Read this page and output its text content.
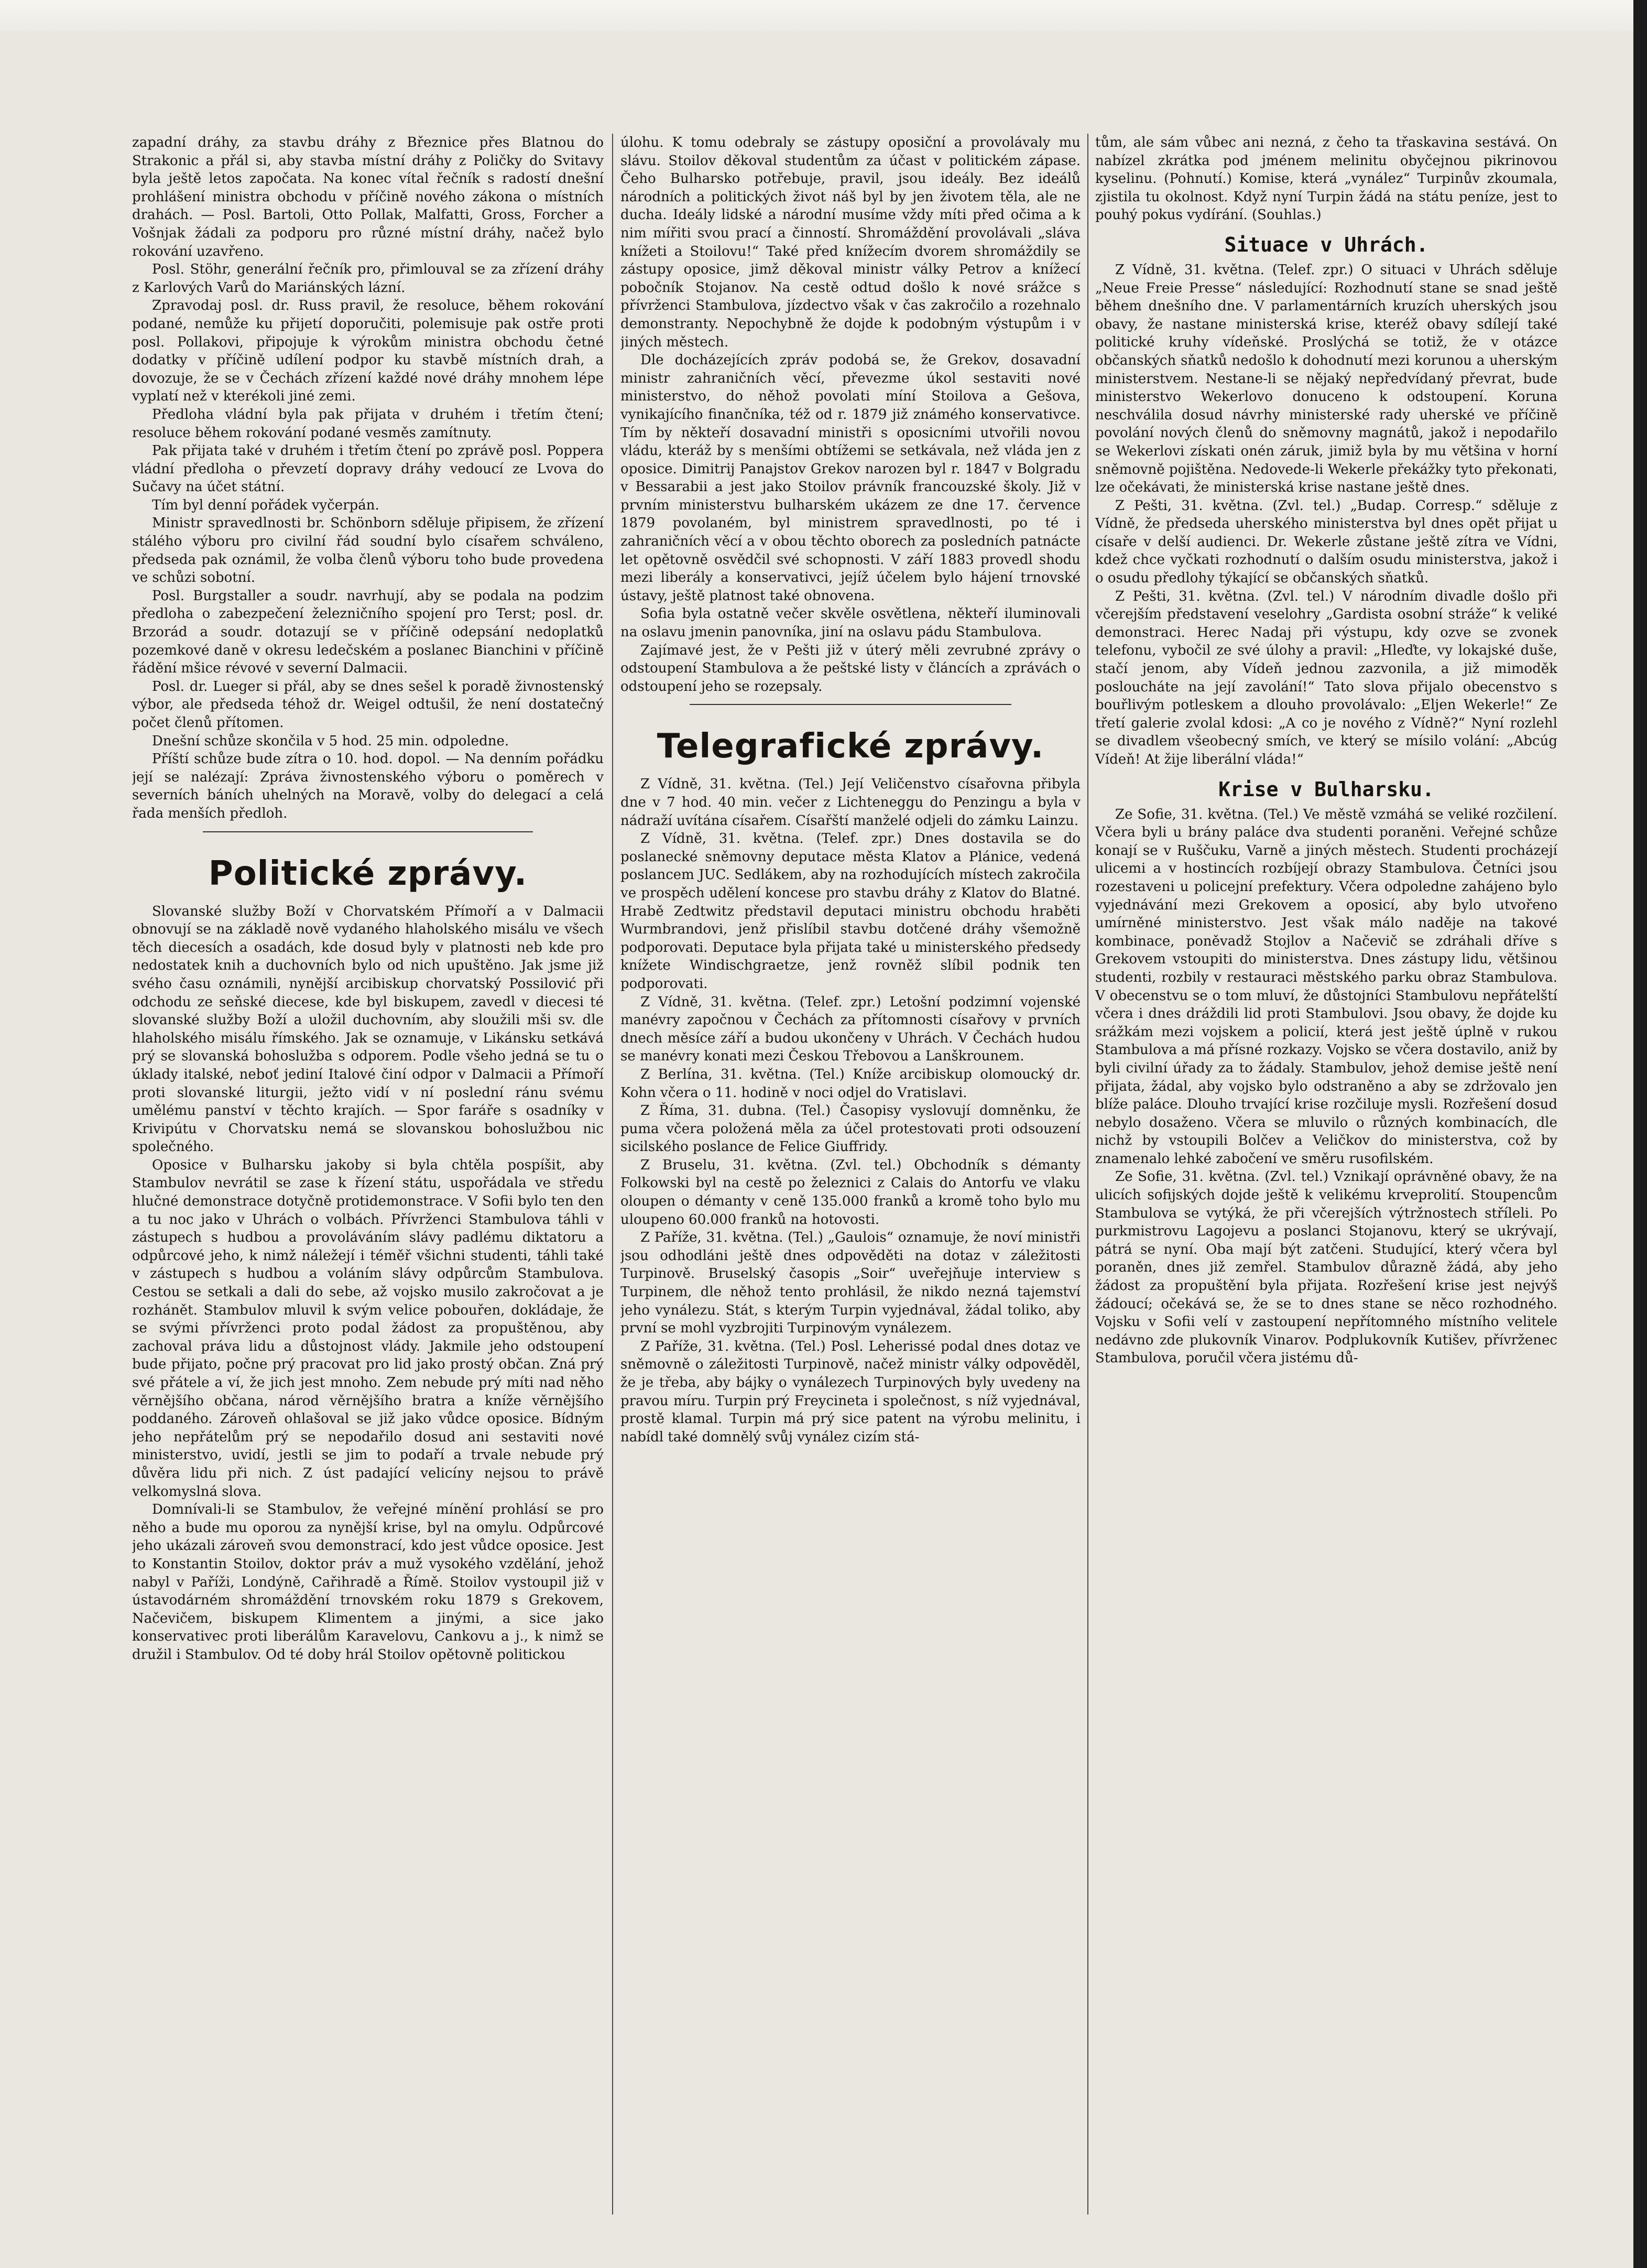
zapadní dráhy, za stavbu dráhy z Březnice přes Blatnou do Strakonic a přál si, aby stavba místní dráhy z Poličky do Svitavy byla ještě letos započata. Na konec vítal řečník s radostí dnešní prohlášení ministra obchodu v příčině nového zákona o místních drahách. — Posl. Bartoli, Otto Pollak, Malfatti, Gross, Forcher a Vošnjak žádali za podporu pro různé místní dráhy, načež bylo rokování uzavřeno.

Posl. Stöhr, generální řečník pro, přimlouval se za zřízení dráhy z Karlových Varů do Mariánských lázní.

Zpravodaj posl. dr. Russ pravil, že resoluce, během rokování podané, nemůže ku přijetí doporučiti, polemisuje pak ostře proti posl. Pollakovi, připojuje k výrokům ministra obchodu četné dodatky v příčině udílení podpor ku stavbě místních drah, a dovozuje, že se v Čechách zřízení každé nové dráhy mnohem lépe vyplatí než v kterékoli jiné zemi.

Předloha vládní byla pak přijata v druhém i třetím čtení; resoluce během rokování podané vesměs zamítnuty.

Pak přijata také v druhém i třetím čtení po zprávě posl. Poppera vládní předloha o převzetí dopravy dráhy vedoucí ze Lvova do Sučavy na účet státní.

Tím byl denní pořádek vyčerpán.

Ministr spravedlnosti br. Schönborn sděluje připisem, že zřízení stálého výboru pro civilní řád soudní bylo císařem schváleno, předseda pak oznámil, že volba členů výboru toho bude provedena ve schůzi sobotní.

Posl. Burgstaller a soudr. navrhují, aby se podala na podzim předloha o zabezpečení železničního spojení pro Terst; posl. dr. Brzorád a soudr. dotazují se v příčině odepsání nedoplatků pozemkové daně v okresu ledečském a poslanec Bianchini v příčině řádění mšice révové v severní Dalmacii.

Posl. dr. Lueger si přál, aby se dnes sešel k poradě živnostenský výbor, ale předseda téhož dr. Weigel odtušil, že není dostatečný počet členů přítomen.

Dnešní schůze skončila v 5 hod. 25 min. odpoledne.

Příští schůze bude zítra o 10. hod. dopol. — Na denním pořádku její se nalézají: Zpráva živnostenského výboru o poměrech v severních báních uhelných na Moravě, volby do delegací a celá řada menších předloh.

Politické zprávy.

Slovanské služby Boží v Chorvatském Přímoří a v Dalmacii obnovují se na základě nově vydaného hlaholského misálu ve všech těch diecesích a osadách, kde dosud byly v platnosti neb kde pro nedostatek knih a duchovních bylo od nich upuštěno. Jak jsme již svého času oznámili, nynější arcibiskup chorvatský Possilović při odchodu ze seňské diecese, kde byl biskupem, zavedl v diecesi té slovanské služby Boží a uložil duchovním, aby sloužili mši sv. dle hlaholského misálu římského. Jak se oznamuje, v Likánsku setkává prý se slovanská bohoslužba s odporem. Podle všeho jedná se tu o úklady italské, neboť jediní Italové činí odpor v Dalmacii a Přímoří proti slovanské liturgii, ježto vidí v ní poslední ránu svému umělému panství v těchto krajích. — Spor faráře s osadníky v Krivipútu v Chorvatsku nemá se slovanskou bohoslužbou nic společného.

Oposice v Bulharsku jakoby si byla chtěla pospíšit, aby Stambulov nevrátil se zase k řízení státu, uspořádala ve středu hlučné demonstrace dotyčně protidemonstrace. V Sofii bylo ten den a tu noc jako v Uhrách o volbách. Přívrženci Stambulova táhli v zástupech s hudbou a provoláváním slávy padlému diktatoru a odpůrcové jeho, k nimž náležejí i téměř všichni studenti, táhli také v zástupech s hudbou a voláním slávy odpůrcům Stambulova. Cestou se setkali a dali do sebe, až vojsko musilo zakročovat a je rozhánět. Stambulov mluvil k svým velice pobouřen, dokládaje, že se svými přívrženci proto podal žádost za propuštěnou, aby zachoval práva lidu a důstojnost vlády. Jakmile jeho odstoupení bude přijato, počne prý pracovat pro lid jako prostý občan. Zná prý své přátele a ví, že jich jest mnoho. Zem nebude prý míti nad něho věrnějšího občana, národ věrnějšího bratra a kníže věrnějšího poddaného. Zároveň ohlašoval se již jako vůdce oposice. Bídným jeho nepřátelům prý se nepodařilo dosud ani sestaviti nové ministerstvo, uvidí, jestli se jim to podaří a trvale nebude prý důvěra lidu při nich. Z úst padající velicíny nejsou to právě velkomyslná slova.

Domnívali-li se Stambulov, že veřejné mínění prohlásí se pro něho a bude mu oporou za nynější krise, byl na omylu. Odpůrcové jeho ukázali zároveň svou demonstrací, kdo jest vůdce oposice. Jest to Konstantin Stoilov, doktor práv a muž vysokého vzdělání, jehož nabyl v Paříži, Londýně, Cařihradě a Římě. Stoilov vystoupil již v ústavodárném shromáždění trnovském roku 1879 s Grekovem, Načevičem, biskupem Klimentem a jinými, a sice jako konservativec proti liberálům Karavelovu, Cankovu a j., k nimž se družil i Stambulov. Od té doby hrál Stoilov opětovně politickou

úlohu. K tomu odebraly se zástupy oposiční a provolávaly mu slávu. Stoilov děkoval studentům za účast v politickém zápase. Čeho Bulharsko potřebuje, pravil, jsou ideály. Bez ideálů národních a politických život náš byl by jen životem těla, ale ne ducha. Ideály lidské a národní musíme vždy míti před očima a k nim mířiti svou prací a činností. Shromáždění provolávali „sláva knížeti a Stoilovu!“ Také před knížecím dvorem shromáždily se zástupy oposice, jimž děkoval ministr války Petrov a knížecí pobočník Stojanov. Na cestě odtud došlo k nové srážce s přívrženci Stambulova, jízdectvo však v čas zakročilo a rozehnalo demonstranty. Nepochybně že dojde k podobným výstupům i v jiných městech.

Dle docházejících zpráv podobá se, že Grekov, dosavadní ministr zahraničních věcí, převezme úkol sestaviti nové ministerstvo, do něhož povolati míní Stoilova a Gešova, vynikajícího finančníka, též od r. 1879 již známého konservativce. Tím by někteří dosavadní ministři s oposicními utvořili novou vládu, kteráž by s menšími obtížemi se setkávala, než vláda jen z oposice. Dimitrij Panajstov Grekov narozen byl r. 1847 v Bolgradu v Bessarabii a jest jako Stoilov právník francouzské školy. Již v prvním ministerstvu bulharském ukázem ze dne 17. července 1879 povolaném, byl ministrem spravedlnosti, po té i zahraničních věcí a v obou těchto oborech za posledních patnácte let opětovně osvědčil své schopnosti. V září 1883 provedl shodu mezi liberály a konservativci, jejíž účelem bylo hájení trnovské ústavy, ještě platnost také obnovena.

Sofia byla ostatně večer skvěle osvětlena, někteří iluminovali na oslavu jmenin panovníka, jiní na oslavu pádu Stambulova.

Zajímavé jest, že v Pešti již v úterý měli zevrubné zprávy o odstoupení Stambulova a že peštské listy v článcích a zprávách o odstoupení jeho se rozepsaly.

Telegrafické zprávy.

Z Vídně, 31. května. (Tel.) Její Veličenstvo císařovna přibyla dne v 7 hod. 40 min. večer z Lichteneggu do Penzingu a byla v nádraží uvítána císařem. Císařští manželé odjeli do zámku Lainzu.

Z Vídně, 31. května. (Telef. zpr.) Dnes dostavila se do poslanecké sněmovny deputace města Klatov a Plánice, vedená poslancem JUC. Sedlákem, aby na rozhodujících místech zakročila ve prospěch udělení koncese pro stavbu dráhy z Klatov do Blatné. Hrabě Zedtwitz představil deputaci ministru obchodu hraběti Wurmbrandovi, jenž přislíbil stavbu dotčené dráhy všemožně podporovati. Deputace byla přijata také u ministerského předsedy knížete Windischgraetze, jenž rovněž slíbil podnik ten podporovati.

Z Vídně, 31. května. (Telef. zpr.) Letošní podzimní vojenské manévry započnou v Čechách za přítomnosti císařovy v prvních dnech měsíce září a budou ukončeny v Uhrách. V Čechách hudou se manévry konati mezi Českou Třebovou a Lanškrounem.

Z Berlína, 31. května. (Tel.) Kníže arcibiskup olomoucký dr. Kohn včera o 11. hodině v noci odjel do Vratislavi.

Z Říma, 31. dubna. (Tel.) Časopisy vyslovují domněnku, že puma včera položená měla za účel protestovati proti odsouzení sicilského poslance de Felice Giuffridy.

Z Bruselu, 31. května. (Zvl. tel.) Obchodník s démanty Folkowski byl na cestě po železnici z Calais do Antorfu ve vlaku oloupen o démanty v ceně 135.000 franků a kromě toho bylo mu uloupeno 60.000 franků na hotovosti.

Z Paříže, 31. května. (Tel.) „Gaulois“ oznamuje, že noví ministři jsou odhodláni ještě dnes odpověděti na dotaz v záležitosti Turpinově. Bruselský časopis „Soir“ uveřejňuje interview s Turpinem, dle něhož tento prohlásil, že nikdo nezná tajemství jeho vynálezu. Stát, s kterým Turpin vyjednával, žádal toliko, aby první se mohl vyzbrojiti Turpinovým vynálezem.

Z Paříže, 31. května. (Tel.) Posl. Leherissé podal dnes dotaz ve sněmovně o záležitosti Turpinově, načež ministr války odpověděl, že je třeba, aby bájky o vynálezech Turpinových byly uvedeny na pravou míru. Turpin prý Freycineta i společnost, s níž vyjednával, prostě klamal. Turpin má prý sice patent na výrobu melinitu, i nabídl také domnělý svůj vynález cizím stá-

tům, ale sám vůbec ani nezná, z čeho ta třaskavina sestává. On nabízel zkrátka pod jménem melinitu obyčejnou pikrinovou kyselinu. (Pohnutí.) Komise, která „vynález“ Turpinův zkoumala, zjistila tu okolnost. Když nyní Turpin žádá na státu peníze, jest to pouhý pokus vydírání. (Souhlas.)

Situace v Uhrách.

Z Vídně, 31. května. (Telef. zpr.) O situaci v Uhrách sděluje „Neue Freie Presse“ následující: Rozhodnutí stane se snad ještě během dnešního dne. V parlamentárních kruzích uherských jsou obavy, že nastane ministerská krise, kteréž obavy sdílejí také politické kruhy vídeňské. Proslýchá se totiž, že v otázce občanských sňatků nedošlo k dohodnutí mezi korunou a uherským ministerstvem. Nestane-li se nějaký nepředvídaný převrat, bude ministerstvo Wekerlovo donuceno k odstoupení. Koruna neschválila dosud návrhy ministerské rady uherské ve příčině povolání nových členů do sněmovny magnátů, jakož i nepodařilo se Wekerlovi získati onén záruk, jimiž byla by mu většina v horní sněmovně pojištěna. Nedovede-li Wekerle překážky tyto překonati, lze očekávati, že ministerská krise nastane ještě dnes.

Z Pešti, 31. května. (Zvl. tel.) „Budap. Corresp.“ sděluje z Vídně, že předseda uherského ministerstva byl dnes opět přijat u císaře v delší audienci. Dr. Wekerle zůstane ještě zítra ve Vídni, kdež chce vyčkati rozhodnutí o dalším osudu ministerstva, jakož i o osudu předlohy týkající se občanských sňatků.

Z Pešti, 31. května. (Zvl. tel.) V národním divadle došlo při včerejším představení veselohry „Gardista osobní stráže“ k veliké demonstraci. Herec Nadaj při výstupu, kdy ozve se zvonek telefonu, vybočil ze své úlohy a pravil: „Hleďte, vy lokajské duše, stačí jenom, aby Vídeň jednou zazvonila, a již mimoděk posloucháte na její zavolání!“ Tato slova přijalo obecenstvo s bouřlivým potleskem a dlouho provolávalo: „Eljen Wekerle!“ Ze třetí galerie zvolal kdosi: „A co je nového z Vídně?“ Nyní rozlehl se divadlem všeobecný smích, ve který se mísilo volání: „Abcúg Vídeň! At žije liberální vláda!“

Krise v Bulharsku.

Ze Sofie, 31. května. (Tel.) Ve městě vzmáhá se veliké rozčilení. Včera byli u brány paláce dva studenti poraněni. Veřejné schůze konají se v Ruščuku, Varně a jiných městech. Studenti procházejí ulicemi a v hostincích rozbíjejí obrazy Stambulova. Četníci jsou rozestaveni u policejní prefektury. Včera odpoledne zahájeno bylo vyjednávání mezi Grekovem a oposicí, aby bylo utvořeno umírněné ministerstvo. Jest však málo naděje na takové kombinace, poněvadž Stojlov a Načevič se zdráhali dříve s Grekovem vstoupiti do ministerstva. Dnes zástupy lidu, většinou studenti, rozbily v restauraci městského parku obraz Stambulova. V obecenstvu se o tom mluví, že důstojníci Stambulovu nepřátelští včera i dnes dráždili lid proti Stambulovi. Jsou obavy, že dojde ku srážkám mezi vojskem a policií, která jest ještě úplně v rukou Stambulova a má přísné rozkazy. Vojsko se včera dostavilo, aniž by byli civilní úřady za to žádaly. Stambulov, jehož demise ještě není přijata, žádal, aby vojsko bylo odstraněno a aby se zdržovalo jen blíže paláce. Dlouho trvající krise rozčiluje mysli. Rozřešení dosud nebylo dosaženo. Včera se mluvilo o různých kombinacích, dle nichž by vstoupili Bolčev a Veličkov do ministerstva, což by znamenalo lehké zabočení ve směru rusofilském.

Ze Sofie, 31. května. (Zvl. tel.) Vznikají oprávněné obavy, že na ulicích sofijských dojde ještě k velikému krveprolití. Stoupencům Stambulova se vytýká, že při včerejších výtržnostech stříleli. Po purkmistrovu Lagojevu a poslanci Stojanovu, který se ukrývají, pátrá se nyní. Oba mají být zatčeni. Studující, který včera byl poraněn, dnes již zemřel. Stambulov důrazně žádá, aby jeho žádost za propuštění byla přijata. Rozřešení krise jest nejvýš žádoucí; očekává se, že se to dnes stane se něco rozhodného. Vojsku v Sofii velí v zastoupení nepřítomného místního velitele nedávno zde plukovník Vinarov. Podplukovník Kutišev, přívrženec Stambulova, poručil včera jistému dů-
